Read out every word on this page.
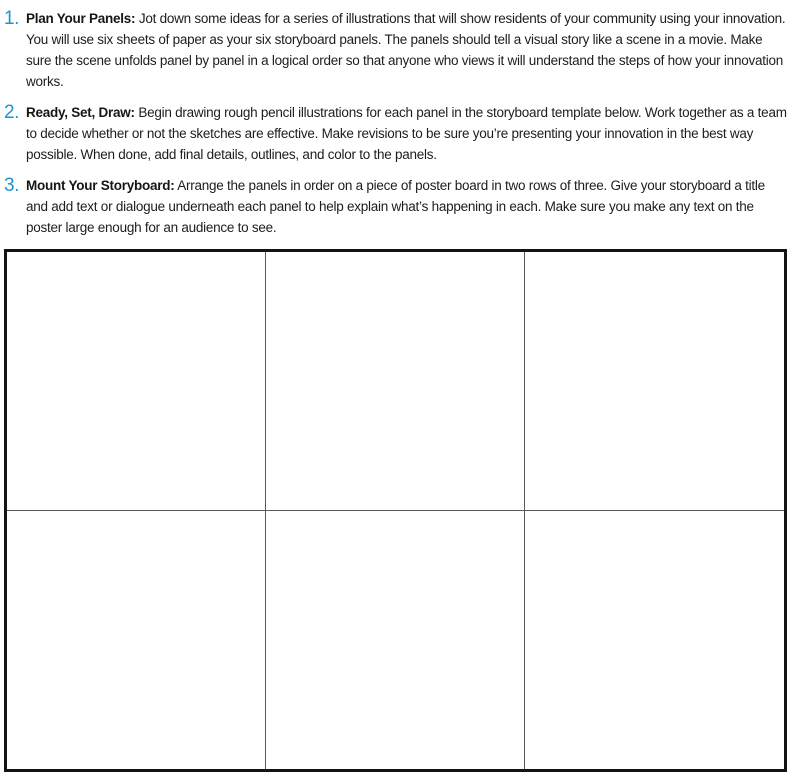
1. Plan Your Panels: Jot down some ideas for a series of illustrations that will show residents of your community using your innovation. You will use six sheets of paper as your six storyboard panels. The panels should tell a visual story like a scene in a movie. Make sure the scene unfolds panel by panel in a logical order so that anyone who views it will understand the steps of how your innovation works.

2. Ready, Set, Draw: Begin drawing rough pencil illustrations for each panel in the storyboard template below. Work together as a team to decide whether or not the sketches are effective. Make revisions to be sure you’re presenting your innovation in the best way possible. When done, add final details, outlines, and color to the panels.

3. Mount Your Storyboard: Arrange the panels in order on a piece of poster board in two rows of three. Give your storyboard a title and add text or dialogue underneath each panel to help explain what’s happening in each. Make sure you make any text on the poster large enough for an audience to see.
